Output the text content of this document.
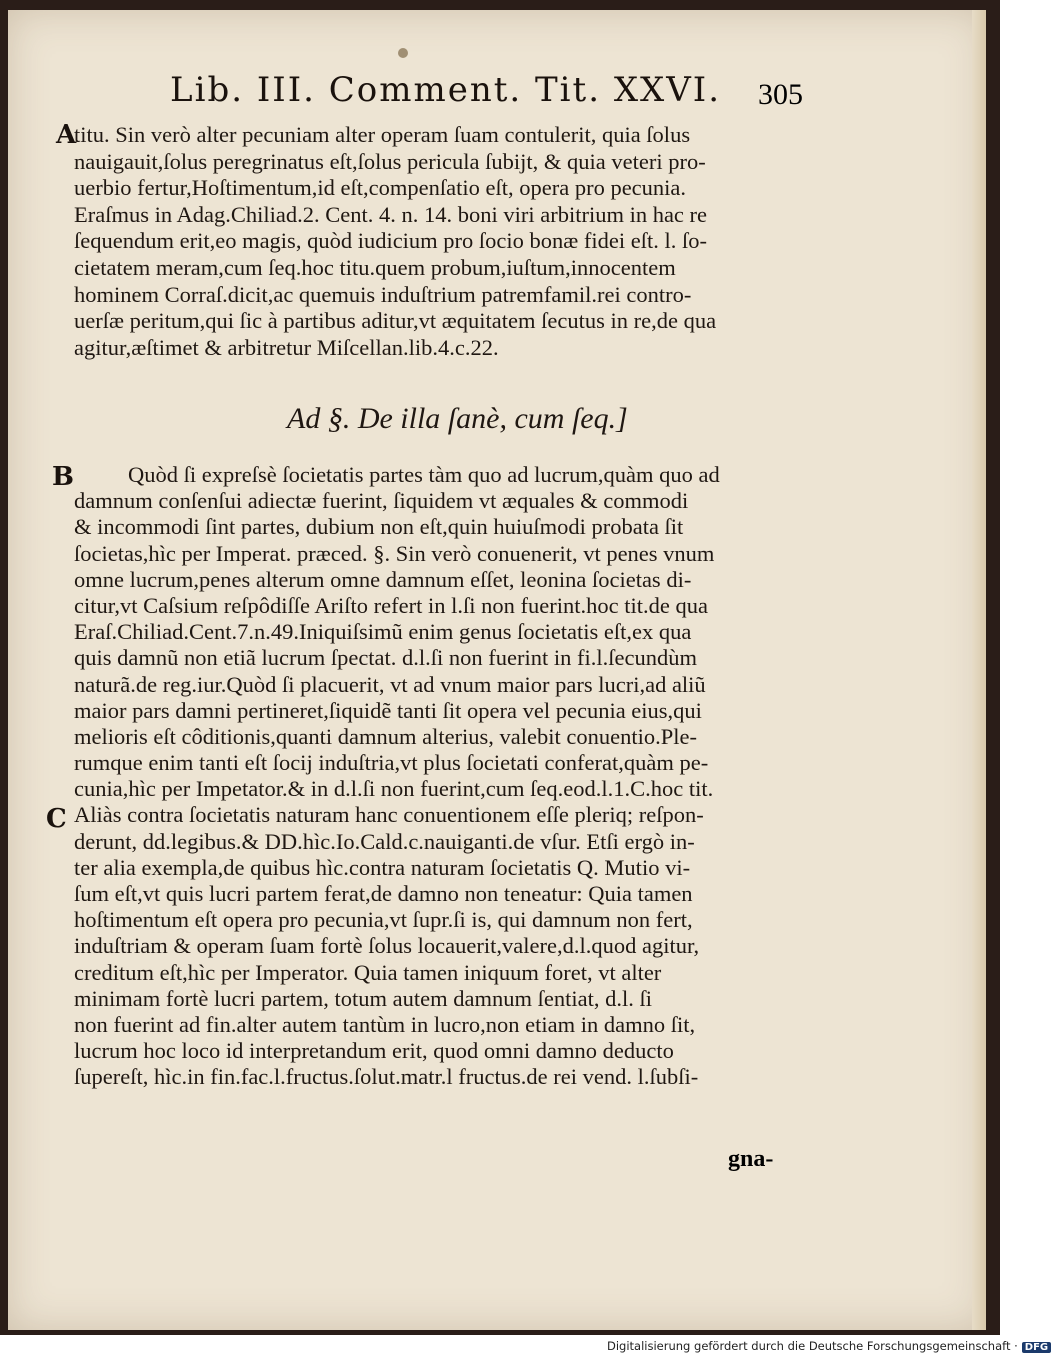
Lib. III. Comment. Tit. XXVI.	305
A
titu. Sin verò alter pecuniam alter operam ſuam contulerit, quia ſolus
nauigauit,ſolus peregrinatus eſt,ſolus pericula ſubijt, & quia veteri pro-
uerbio fertur,Hoſtimentum,id eſt,compenſatio eſt, opera pro pecunia.
Eraſmus in Adag.Chiliad.2. Cent. 4. n. 14. boni viri arbitrium in hac re
ſequendum erit,eo magis, quòd iudicium pro ſocio bonæ fidei eſt. l. ſo-
cietatem meram,cum ſeq.hoc titu.quem probum,iuſtum,innocentem
hominem Corraſ.dicit,ac quemuis induſtrium patremfamil.rei contro-
uerſæ peritum,qui ſic à partibus aditur,vt æquitatem ſecutus in re,de qua
agitur,æſtimet & arbitretur Miſcellan.lib.4.c.22.
Ad §. De illa ſanè, cum ſeq.]
B
C
Quòd ſi expreſsè ſocietatis partes tàm quo ad lucrum,quàm quo ad
damnum conſenſui adiectæ fuerint, ſiquidem vt æquales & commodi
& incommodi ſint partes, dubium non eſt,quin huiuſmodi probata ſit
ſocietas,hìc per Imperat. præced. §. Sin verò conuenerit, vt penes vnum
omne lucrum,penes alterum omne damnum eſſet, leonina ſocietas di-
citur,vt Caſsium reſpôdiſſe Ariſto refert in l.ſi non fuerint.hoc tit.de qua
Eraſ.Chiliad.Cent.7.n.49.Iniquiſsimũ enim genus ſocietatis eſt,ex qua
quis damnũ non etiã lucrum ſpectat. d.l.ſi non fuerint in fi.l.ſecundùm
naturã.de reg.iur.Quòd ſi placuerit, vt ad vnum maior pars lucri,ad aliũ
maior pars damni pertineret,ſiquidẽ tanti ſit opera vel pecunia eius,qui
melioris eſt côditionis,quanti damnum alterius, valebit conuentio.Ple-
rumque enim tanti eſt ſocij induſtria,vt plus ſocietati conferat,quàm pe-
cunia,hìc per Impetator.& in d.l.ſi non fuerint,cum ſeq.eod.l.1.C.hoc tit.
Aliàs contra ſocietatis naturam hanc conuentionem eſſe pleriq; reſpon-
derunt, dd.legibus.& DD.hìc.Io.Cald.c.nauiganti.de vſur. Etſi ergò in-
ter alia exempla,de quibus hìc.contra naturam ſocietatis Q. Mutio vi-
ſum eſt,vt quis lucri partem ferat,de damno non teneatur: Quia tamen
hoſtimentum eſt opera pro pecunia,vt ſupr.ſi is, qui damnum non fert,
induſtriam & operam ſuam fortè ſolus locauerit,valere,d.l.quod agitur,
creditum eſt,hìc per Imperator. Quia tamen iniquum foret, vt alter
minimam fortè lucri partem, totum autem damnum ſentiat, d.l. ſi
non fuerint ad fin.alter autem tantùm in lucro,non etiam in damno ſit,
lucrum hoc loco id interpretandum erit, quod omni damno deducto
ſupereſt, hìc.in fin.fac.l.fructus.ſolut.matr.l fructus.de rei vend. l.ſubſi-
gna-
Digitalisierung gefördert durch die Deutsche Forschungsgemeinschaft · DFG
